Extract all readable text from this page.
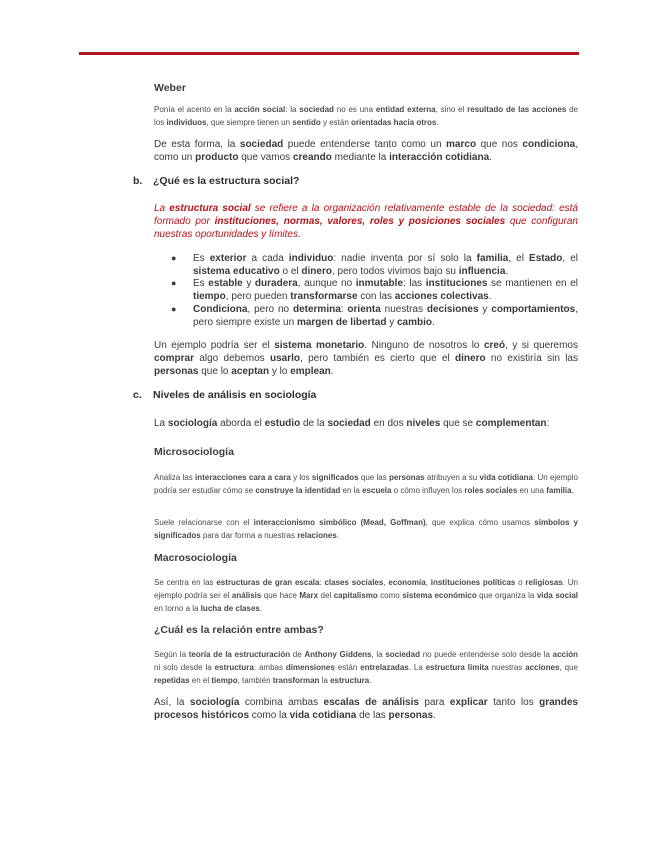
Weber

Ponía el acento en la acción social: la sociedad no es una entidad externa, sino el resultado de las acciones de los individuos, que siempre tienen un sentido y están orientadas hacia otros.

De esta forma, la sociedad puede entenderse tanto como un marco que nos condiciona, como un producto que vamos creando mediante la interacción cotidiana.

b. ¿Qué es la estructura social?

La estructura social se refiere a la organización relativamente estable de la sociedad: está formado por instituciones, normas, valores, roles y posiciones sociales que configuran nuestras oportunidades y límites.

● Es exterior a cada individuo: nadie inventa por sí solo la familia, el Estado, el sistema educativo o el dinero, pero todos vivimos bajo su influencia.

● Es estable y duradera, aunque no inmutable: las instituciones se mantienen en el tiempo, pero pueden transformarse con las acciones colectivas.

● Condiciona, pero no determina: orienta nuestras decisiones y comportamientos, pero siempre existe un margen de libertad y cambio.

Un ejemplo podría ser el sistema monetario. Ninguno de nosotros lo creó, y si queremos comprar algo debemos usarlo, pero también es cierto que el dinero no existiría sin las personas que lo aceptan y lo emplean.

c. Niveles de análisis en sociología

La sociología aborda el estudio de la sociedad en dos niveles que se complementan:

Microsociología

Analiza las interacciones cara a cara y los significados que las personas atribuyen a su vida cotidiana. Un ejemplo podría ser estudiar cómo se construye la identidad en la escuela o cómo influyen los roles sociales en una familia.

Suele relacionarse con el interaccionismo simbólico (Mead, Goffman), que explica cómo usamos símbolos y significados para dar forma a nuestras relaciones.

Macrosociología

Se centra en las estructuras de gran escala: clases sociales, economía, instituciones políticas o religiosas. Un ejemplo podría ser el análisis que hace Marx del capitalismo como sistema económico que organiza la vida social en torno a la lucha de clases.

¿Cuál es la relación entre ambas?

Según la teoría de la estructuración de Anthony Giddens, la sociedad no puede entenderse solo desde la acción ni solo desde la estructura: ambas dimensiones están entrelazadas. La estructura limita nuestras acciones, que repetidas en el tiempo, también transforman la estructura.

Así, la sociología combina ambas escalas de análisis para explicar tanto los grandes procesos históricos como la vida cotidiana de las personas.
